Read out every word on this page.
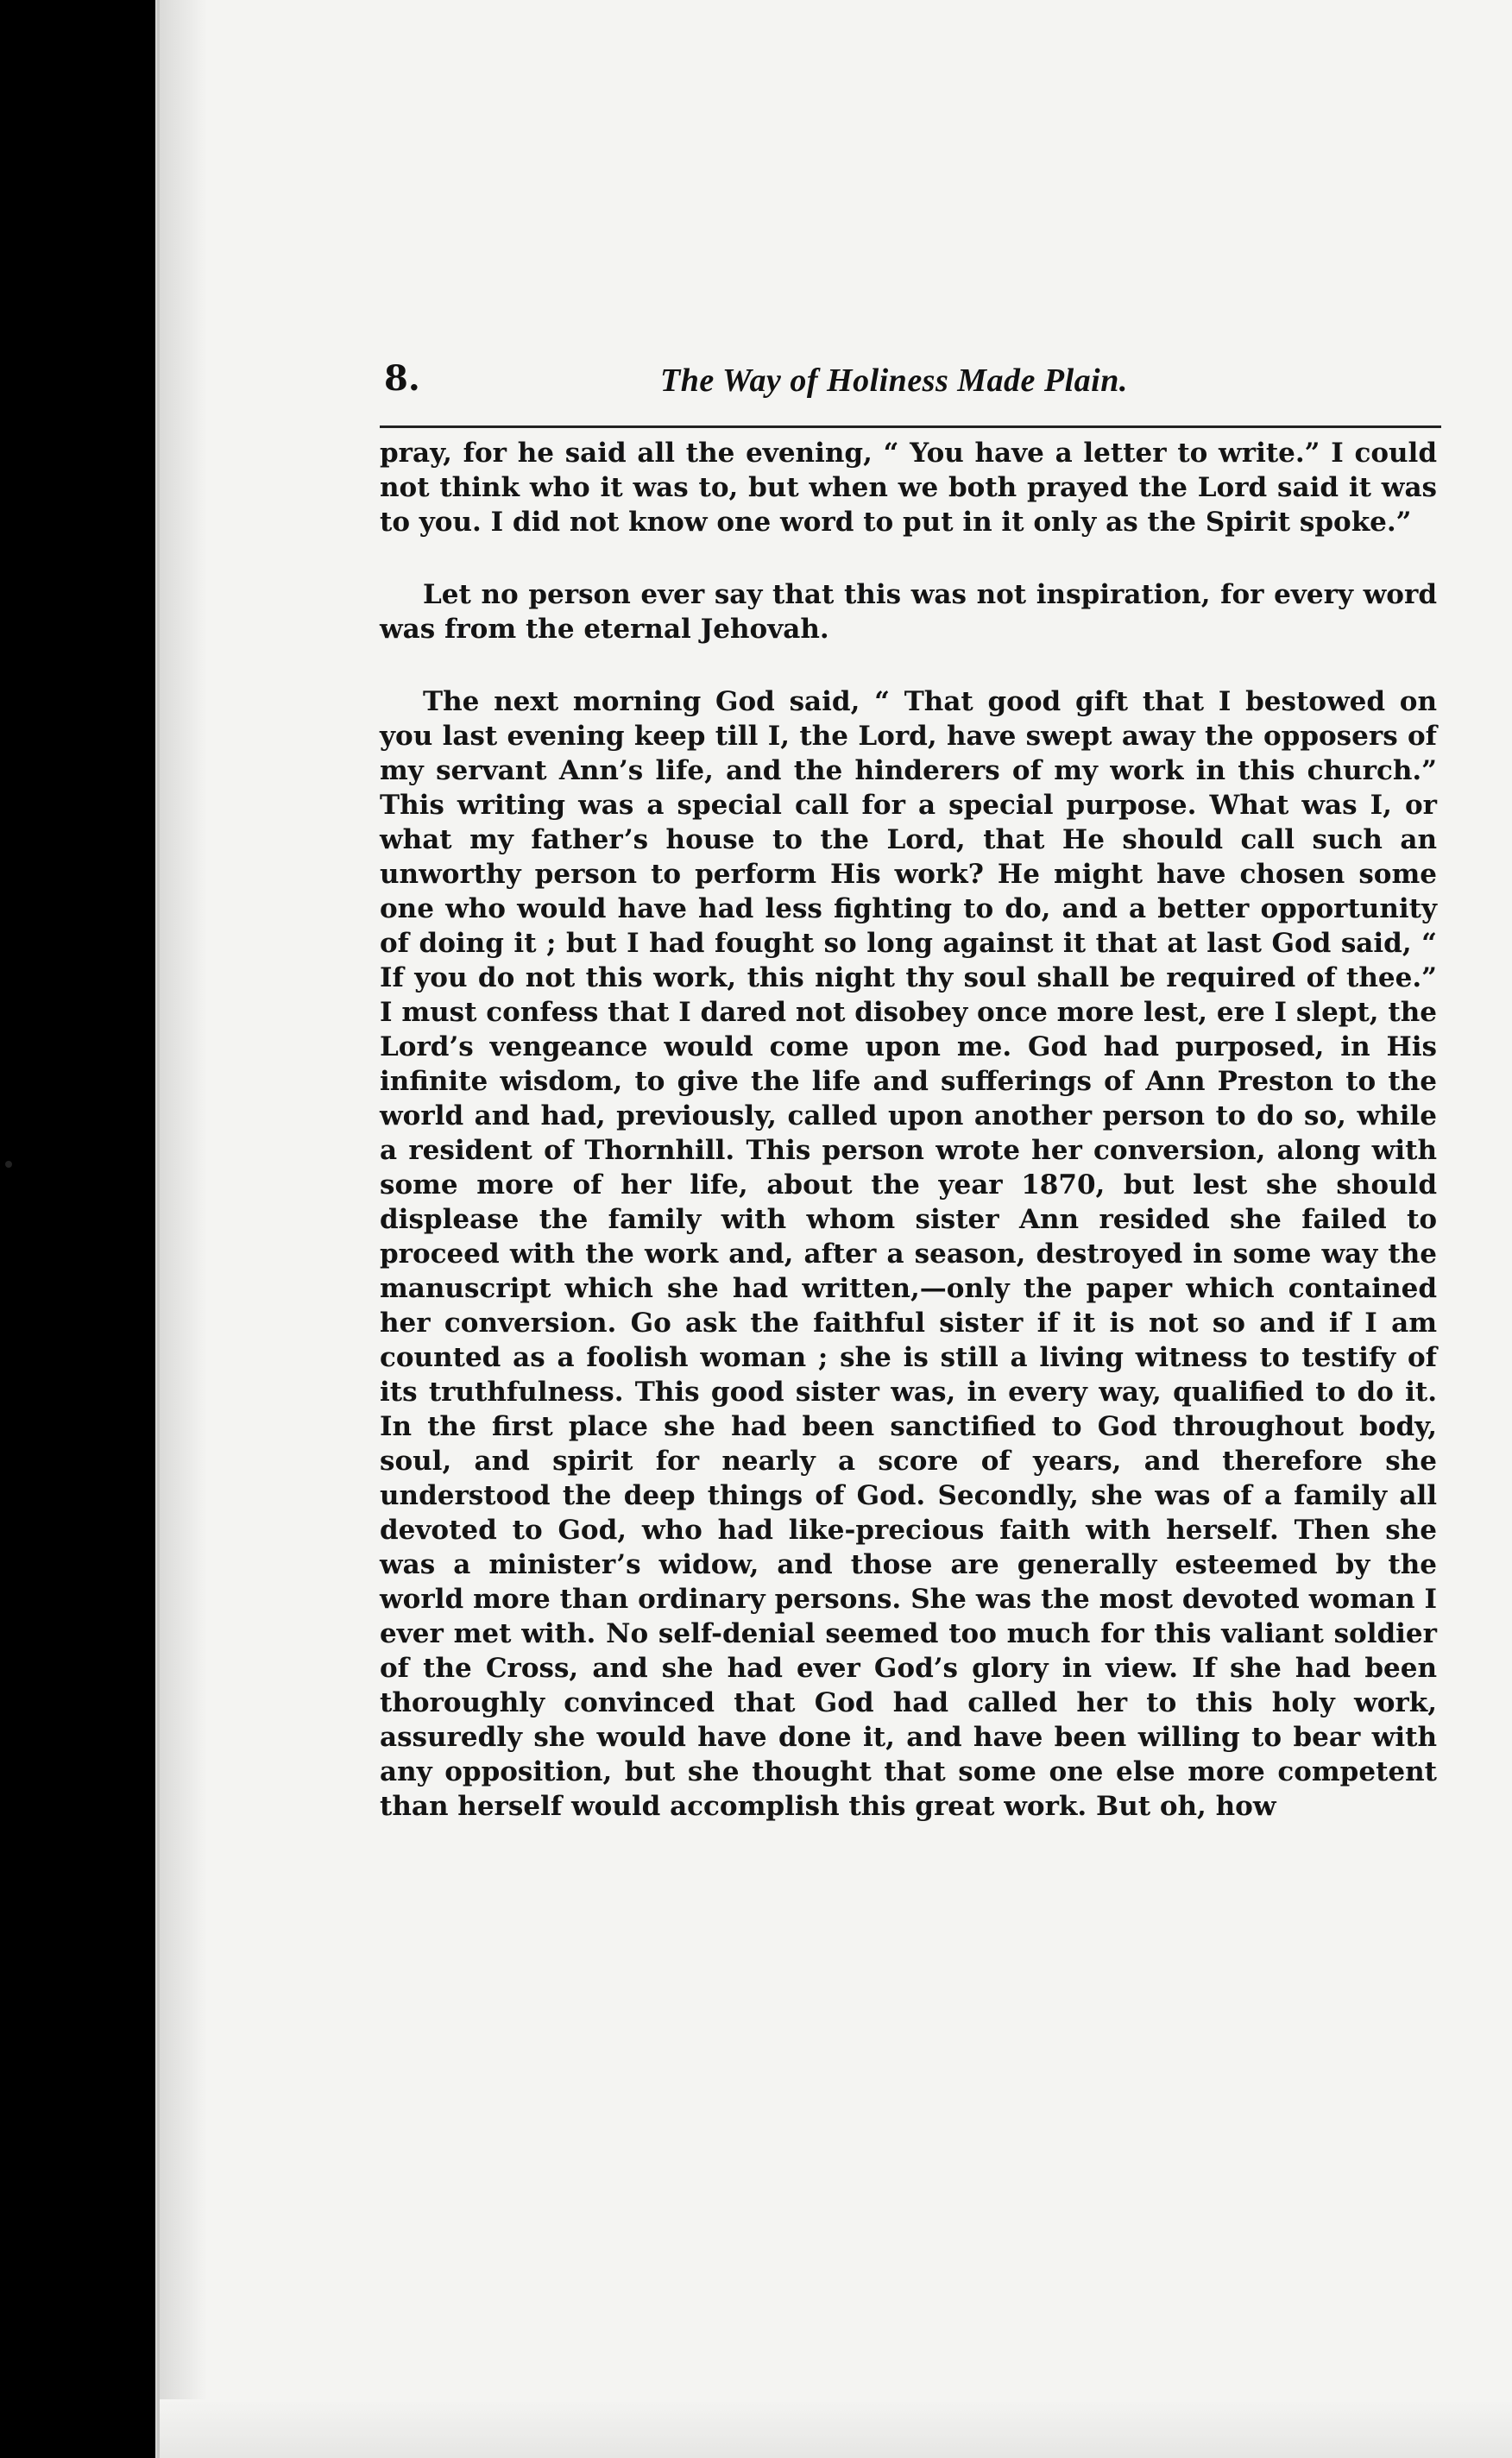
8.	The Way of Holiness Made Plain.

pray, for he said all the evening, “ You have a letter to write.” I could not think who it was to, but when we both prayed the Lord said it was to you. I did not know one word to put in it only as the Spirit spoke.”

Let no person ever say that this was not inspiration, for every word was from the eternal Jehovah.

The next morning God said, “ That good gift that I bestowed on you last evening keep till I, the Lord, have swept away the opposers of my servant Ann’s life, and the hinderers of my work in this church.” This writing was a special call for a special purpose. What was I, or what my father’s house to the Lord, that He should call such an unworthy person to perform His work? He might have chosen some one who would have had less fighting to do, and a better opportunity of doing it ; but I had fought so long against it that at last God said, “ If you do not this work, this night thy soul shall be required of thee.” I must confess that I dared not disobey once more lest, ere I slept, the Lord’s vengeance would come upon me. God had purposed, in His infinite wisdom, to give the life and sufferings of Ann Preston to the world and had, previously, called upon another person to do so, while a resident of Thornhill. This person wrote her conversion, along with some more of her life, about the year 1870, but lest she should displease the family with whom sister Ann resided she failed to proceed with the work and, after a season, destroyed in some way the manuscript which she had written,—only the paper which contained her conversion. Go ask the faithful sister if it is not so and if I am counted as a foolish woman ; she is still a living witness to testify of its truthfulness. This good sister was, in every way, qualified to do it. In the first place she had been sanctified to God throughout body, soul, and spirit for nearly a score of years, and therefore she understood the deep things of God. Secondly, she was of a family all devoted to God, who had like-precious faith with herself. Then she was a minister’s widow, and those are generally esteemed by the world more than ordinary persons. She was the most devoted woman I ever met with. No self-denial seemed too much for this valiant soldier of the Cross, and she had ever God’s glory in view. If she had been thoroughly convinced that God had called her to this holy work, assuredly she would have done it, and have been willing to bear with any opposition, but she thought that some one else more competent than herself would accomplish this great work. But oh, how
